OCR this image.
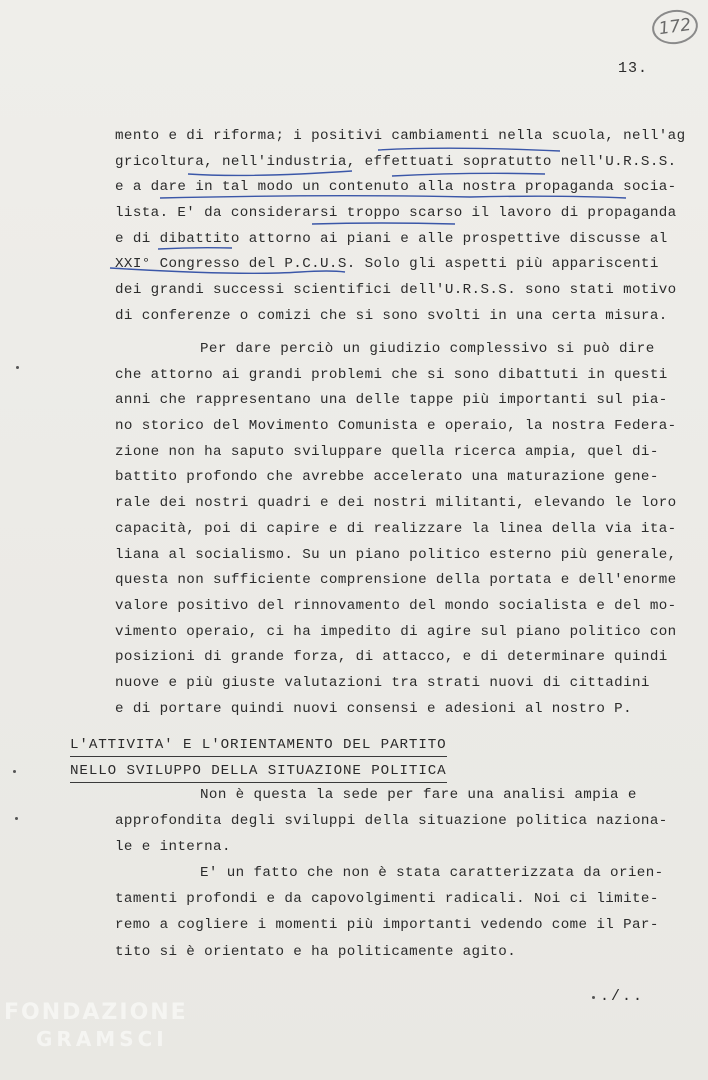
172
13.
mento e di riforma; i positivi cambiamenti nella scuola, nell'ag
gricoltura, nell'industria, effettuati sopratutto nell'U.R.S.S.
e a dare in tal modo un contenuto alla nostra propaganda socia-
lista. E' da considerarsi troppo scarso il lavoro di propaganda
e di dibattito attorno ai piani e alle prospettive discusse al
XXI° Congresso del P.C.U.S. Solo gli aspetti più appariscenti
dei grandi successi scientifici dell'U.R.S.S. sono stati motivo
di conferenze o comizi che si sono svolti in una certa misura.
Per dare perciò un giudizio complessivo si può dire
che attorno ai grandi problemi che si sono dibattuti in questi
anni che rappresentano una delle tappe più importanti sul pia-
no storico del Movimento Comunista e operaio, la nostra Federa-
zione non ha saputo sviluppare quella ricerca ampia, quel di-
battito profondo che avrebbe accelerato una maturazione gene-
rale dei nostri quadri e dei nostri militanti, elevando le loro
capacità, poi di capire e di realizzare la linea della via ita-
liana al socialismo. Su un piano politico esterno più generale,
questa non sufficiente comprensione della portata e dell'enorme
valore positivo del rinnovamento del mondo socialista e del mo-
vimento operaio, ci ha impedito di agire sul piano politico con
posizioni di grande forza, di attacco, e di determinare quindi
nuove e più giuste valutazioni tra strati nuovi di cittadini
e di portare quindi nuovi consensi e adesioni al nostro P.
L'ATTIVITA' E L'ORIENTAMENTO DEL PARTITO
NELLO SVILUPPO DELLA SITUAZIONE POLITICA
Non è questa la sede per fare una analisi ampia e
approfondita degli sviluppi della situazione politica naziona-
le e interna.
E' un fatto che non è stata caratterizzata da orien-
tamenti profondi e da capovolgimenti radicali. Noi ci limite-
remo a cogliere i momenti più importanti vedendo come il Par-
tito si è orientato e ha politicamente agito.
./..
FONDAZIONE
GRAMSCI
